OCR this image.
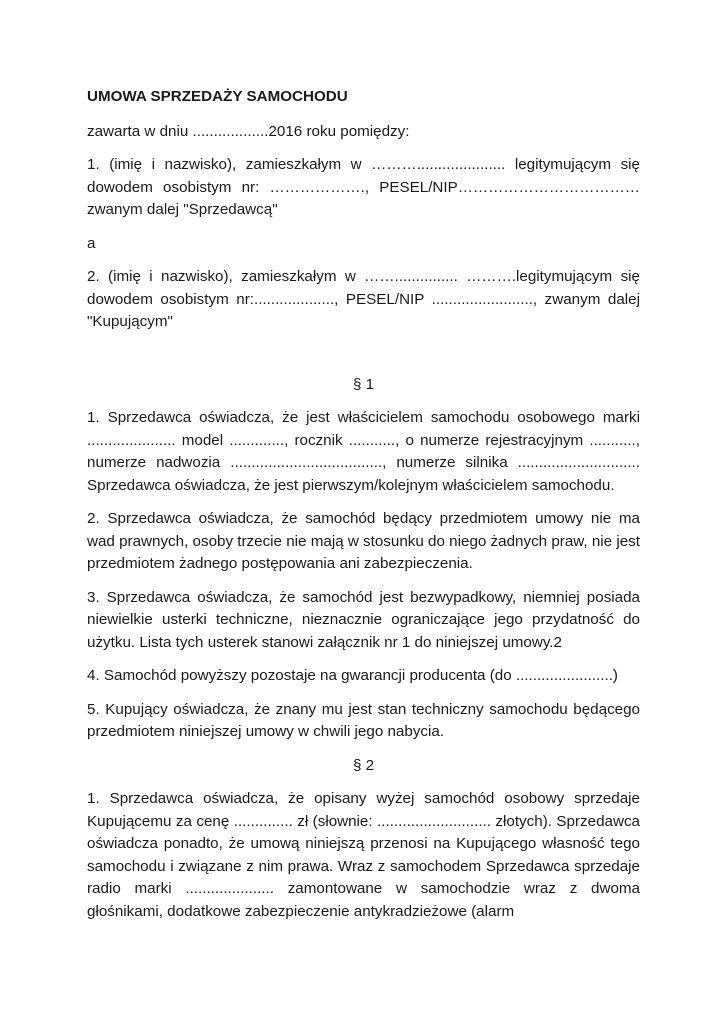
UMOWA SPRZEDAŻY SAMOCHODU

zawarta w dniu ..................2016 roku pomiędzy:

1. (imię i nazwisko), zamieszkałym w ………..................... legitymującym się dowodem osobistym nr: ………………., PESEL/NIP………………………………zwanym dalej "Sprzedawcą"

a

2. (imię i nazwisko), zamieszkałym w ……............... ……….legitymującym się dowodem osobistym nr:..................., PESEL/NIP ........................, zwanym dalej "Kupującym"

§ 1

1. Sprzedawca oświadcza, że jest właścicielem samochodu osobowego marki ..................... model ............., rocznik ..........., o numerze rejestracyjnym ..........., numerze nadwozia ...................................., numerze silnika ............................. Sprzedawca oświadcza, że jest pierwszym/kolejnym właścicielem samochodu.

2. Sprzedawca oświadcza, że samochód będący przedmiotem umowy nie ma wad prawnych, osoby trzecie nie mają w stosunku do niego żadnych praw, nie jest przedmiotem żadnego postępowania ani zabezpieczenia.

3. Sprzedawca oświadcza, że samochód jest bezwypadkowy, niemniej posiada niewielkie usterki techniczne, nieznacznie ograniczające jego przydatność do użytku. Lista tych usterek stanowi załącznik nr 1 do niniejszej umowy.2

4. Samochód powyższy pozostaje na gwarancji producenta (do .......................)

5. Kupujący oświadcza, że znany mu jest stan techniczny samochodu będącego przedmiotem niniejszej umowy w chwili jego nabycia.

§ 2

1. Sprzedawca oświadcza, że opisany wyżej samochód osobowy sprzedaje Kupującemu za cenę .............. zł (słownie: ........................... złotych). Sprzedawca oświadcza ponadto, że umową niniejszą przenosi na Kupującego własność tego samochodu i związane z nim prawa. Wraz z samochodem Sprzedawca sprzedaje radio marki ..................... zamontowane w samochodzie wraz z dwoma głośnikami, dodatkowe zabezpieczenie antykradzieżowe (alarm
